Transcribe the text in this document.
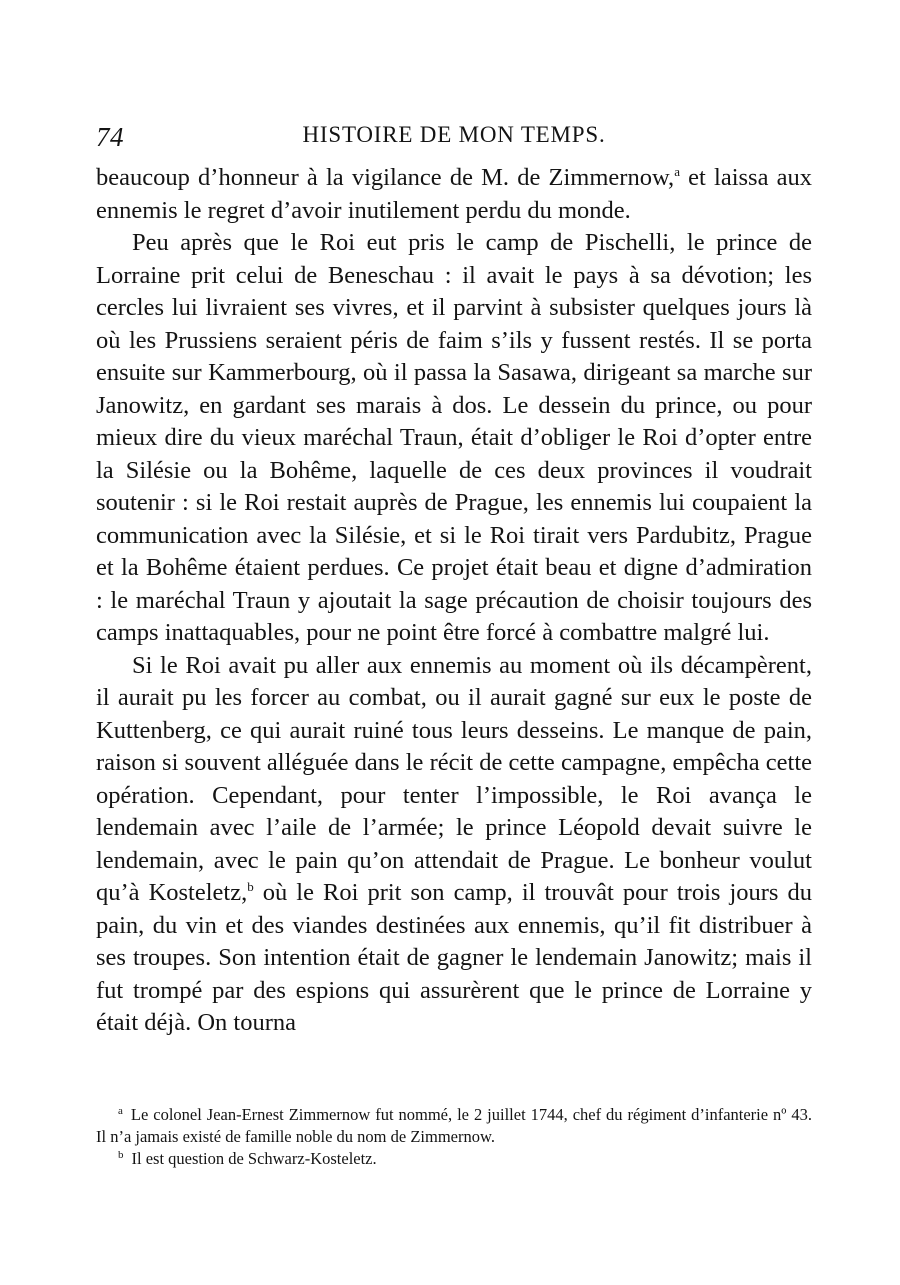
74	HISTOIRE DE MON TEMPS.

beaucoup d’honneur à la vigilance de M. de Zimmernow,$^a$ et laissa aux ennemis le regret d’avoir inutilement perdu du monde.

Peu après que le Roi eut pris le camp de Pischelli, le prince de Lorraine prit celui de Beneschau : il avait le pays à sa dévotion; les cercles lui livraient ses vivres, et il parvint à subsister quelques jours là où les Prussiens seraient péris de faim s’ils y fussent restés. Il se porta ensuite sur Kammerbourg, où il passa la Sasawa, dirigeant sa marche sur Janowitz, en gardant ses marais à dos. Le dessein du prince, ou pour mieux dire du vieux maréchal Traun, était d’obliger le Roi d’opter entre la Silésie ou la Bohême, laquelle de ces deux provinces il voudrait soutenir : si le Roi restait auprès de Prague, les ennemis lui coupaient la communication avec la Silésie, et si le Roi tirait vers Pardubitz, Prague et la Bohême étaient perdues. Ce projet était beau et digne d’admiration : le maréchal Traun y ajoutait la sage précaution de choisir toujours des camps inattaquables, pour ne point être forcé à combattre malgré lui.

Si le Roi avait pu aller aux ennemis au moment où ils décampèrent, il aurait pu les forcer au combat, ou il aurait gagné sur eux le poste de Kuttenberg, ce qui aurait ruiné tous leurs desseins. Le manque de pain, raison si souvent alléguée dans le récit de cette campagne, empêcha cette opération. Cependant, pour tenter l’impossible, le Roi avança le lendemain avec l’aile de l’armée; le prince Léopold devait suivre le lendemain, avec le pain qu’on attendait de Prague. Le bonheur voulut qu’à Kosteletz,$^b$ où le Roi prit son camp, il trouvât pour trois jours du pain, du vin et des viandes destinées aux ennemis, qu’il fit distribuer à ses troupes. Son intention était de gagner le lendemain Janowitz; mais il fut trompé par des espions qui assurèrent que le prince de Lorraine y était déjà. On tourna

$^a$ Le colonel Jean-Ernest Zimmernow fut nommé, le 2 juillet 1744, chef du régiment d’infanterie nº 43. Il n’a jamais existé de famille noble du nom de Zimmernow.

$^b$ Il est question de Schwarz-Kosteletz.
